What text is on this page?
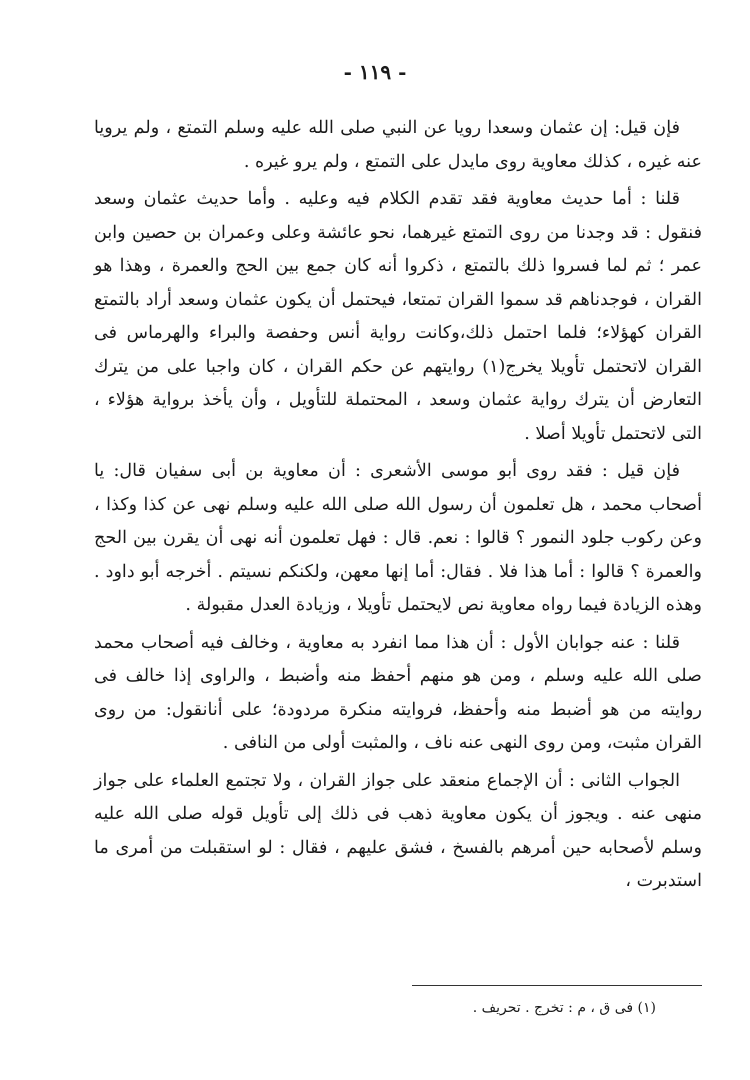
- ١١٩ -

فإن قيل: إن عثمان وسعدا رويا عن النبي صلى الله عليه وسلم التمتع ، ولم يرويا عنه غيره ، كذلك معاوية روى مايدل على التمتع ، ولم يرو غيره .

قلنا : أما حديث معاوية فقد تقدم الكلام فيه وعليه . وأما حديث عثمان وسعد فنقول : قد وجدنا من روى التمتع غيرهما، نحو عائشة وعلى وعمران بن حصين وابن عمر ؛ ثم لما فسروا ذلك بالتمتع ، ذكروا أنه كان جمع بين الحج والعمرة ، وهذا هو القران ، فوجدناهم قد سموا القران تمتعا، فيحتمل أن يكون عثمان وسعد أراد بالتمتع القران كهؤلاء؛ فلما احتمل ذلك،وكانت رواية أنس وحفصة والبراء والهرماس فى القران لاتحتمل تأويلا يخرج(١) روايتهم عن حكم القران ، كان واجبا على من يترك التعارض أن يترك رواية عثمان وسعد ، المحتملة للتأويل ، وأن يأخذ برواية هؤلاء ، التى لاتحتمل تأويلا أصلا .

فإن قيل : فقد روى أبو موسى الأشعرى : أن معاوية بن أبى سفيان قال: يا أصحاب محمد ، هل تعلمون أن رسول الله صلى الله عليه وسلم نهى عن كذا وكذا ، وعن ركوب جلود النمور ؟ قالوا : نعم. قال : فهل تعلمون أنه نهى أن يقرن بين الحج والعمرة ؟ قالوا : أما هذا فلا . فقال: أما إنها معهن، ولكنكم نسيتم . أخرجه أبو داود . وهذه الزيادة فيما رواه معاوية نص لايحتمل تأويلا ، وزيادة العدل مقبولة .

قلنا : عنه جوابان الأول : أن هذا مما انفرد به معاوية ، وخالف فيه أصحاب محمد صلى الله عليه وسلم ، ومن هو منهم أحفظ منه وأضبط ، والراوى إذا خالف فى روايته من هو أضبط منه وأحفظ، فروايته منكرة مردودة؛ على أنانقول: من روى القران مثبت، ومن روى النهى عنه ناف ، والمثبت أولى من النافى .

الجواب الثانى : أن الإجماع منعقد على جواز القران ، ولا تجتمع العلماء على جواز منهى عنه . ويجوز أن يكون معاوية ذهب فى ذلك إلى تأويل قوله صلى الله عليه وسلم لأصحابه حين أمرهم بالفسخ ، فشق عليهم ، فقال : لو استقبلت من أمرى ما استدبرت ،

(١) فى ق ، م : تخرج . تحريف .
